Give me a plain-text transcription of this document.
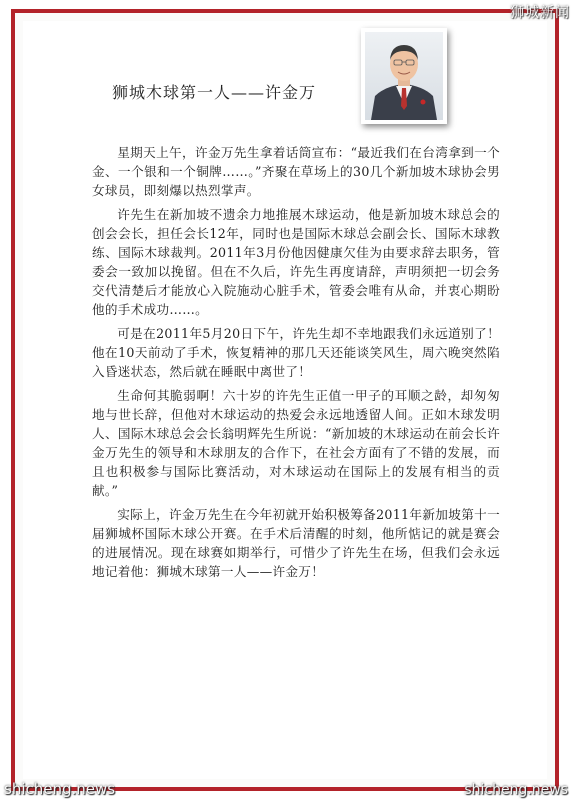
狮城木球第一人——许金万

星期天上午，许金万先生拿着话筒宣布：“最近我们在台湾拿到一个金、一个银和一个铜牌……。”齐聚在草场上的30几个新加坡木球协会男女球员，即刻爆以热烈掌声。

许先生在新加坡不遗余力地推展木球运动，他是新加坡木球总会的创会会长，担任会长12年，同时也是国际木球总会副会长、国际木球教练、国际木球裁判。2011年3月份他因健康欠佳为由要求辞去职务，管委会一致加以挽留。但在不久后，许先生再度请辞，声明须把一切会务交代清楚后才能放心入院施动心脏手术，管委会唯有从命，并衷心期盼他的手术成功……。

可是在2011年5月20日下午，许先生却不幸地跟我们永远道别了！他在10天前动了手术，恢复精神的那几天还能谈笑风生，周六晚突然陷入昏迷状态，然后就在睡眠中离世了！

生命何其脆弱啊！六十岁的许先生正值一甲子的耳顺之龄，却匆匆地与世长辞，但他对木球运动的热爱会永远地透留人间。正如木球发明人、国际木球总会会长翁明辉先生所说：“新加坡的木球运动在前会长许金万先生的领导和木球朋友的合作下，在社会方面有了不错的发展，而且也积极参与国际比赛活动，对木球运动在国际上的发展有相当的贡献。”

实际上，许金万先生在今年初就开始积极筹备2011年新加坡第十一届狮城杯国际木球公开赛。在手术后清醒的时刻，他所惦记的就是赛会的进展情况。现在球赛如期举行，可惜少了许先生在场，但我们会永远地记着他：狮城木球第一人——许金万！

狮城新闻
shicheng.news	shicheng.news
